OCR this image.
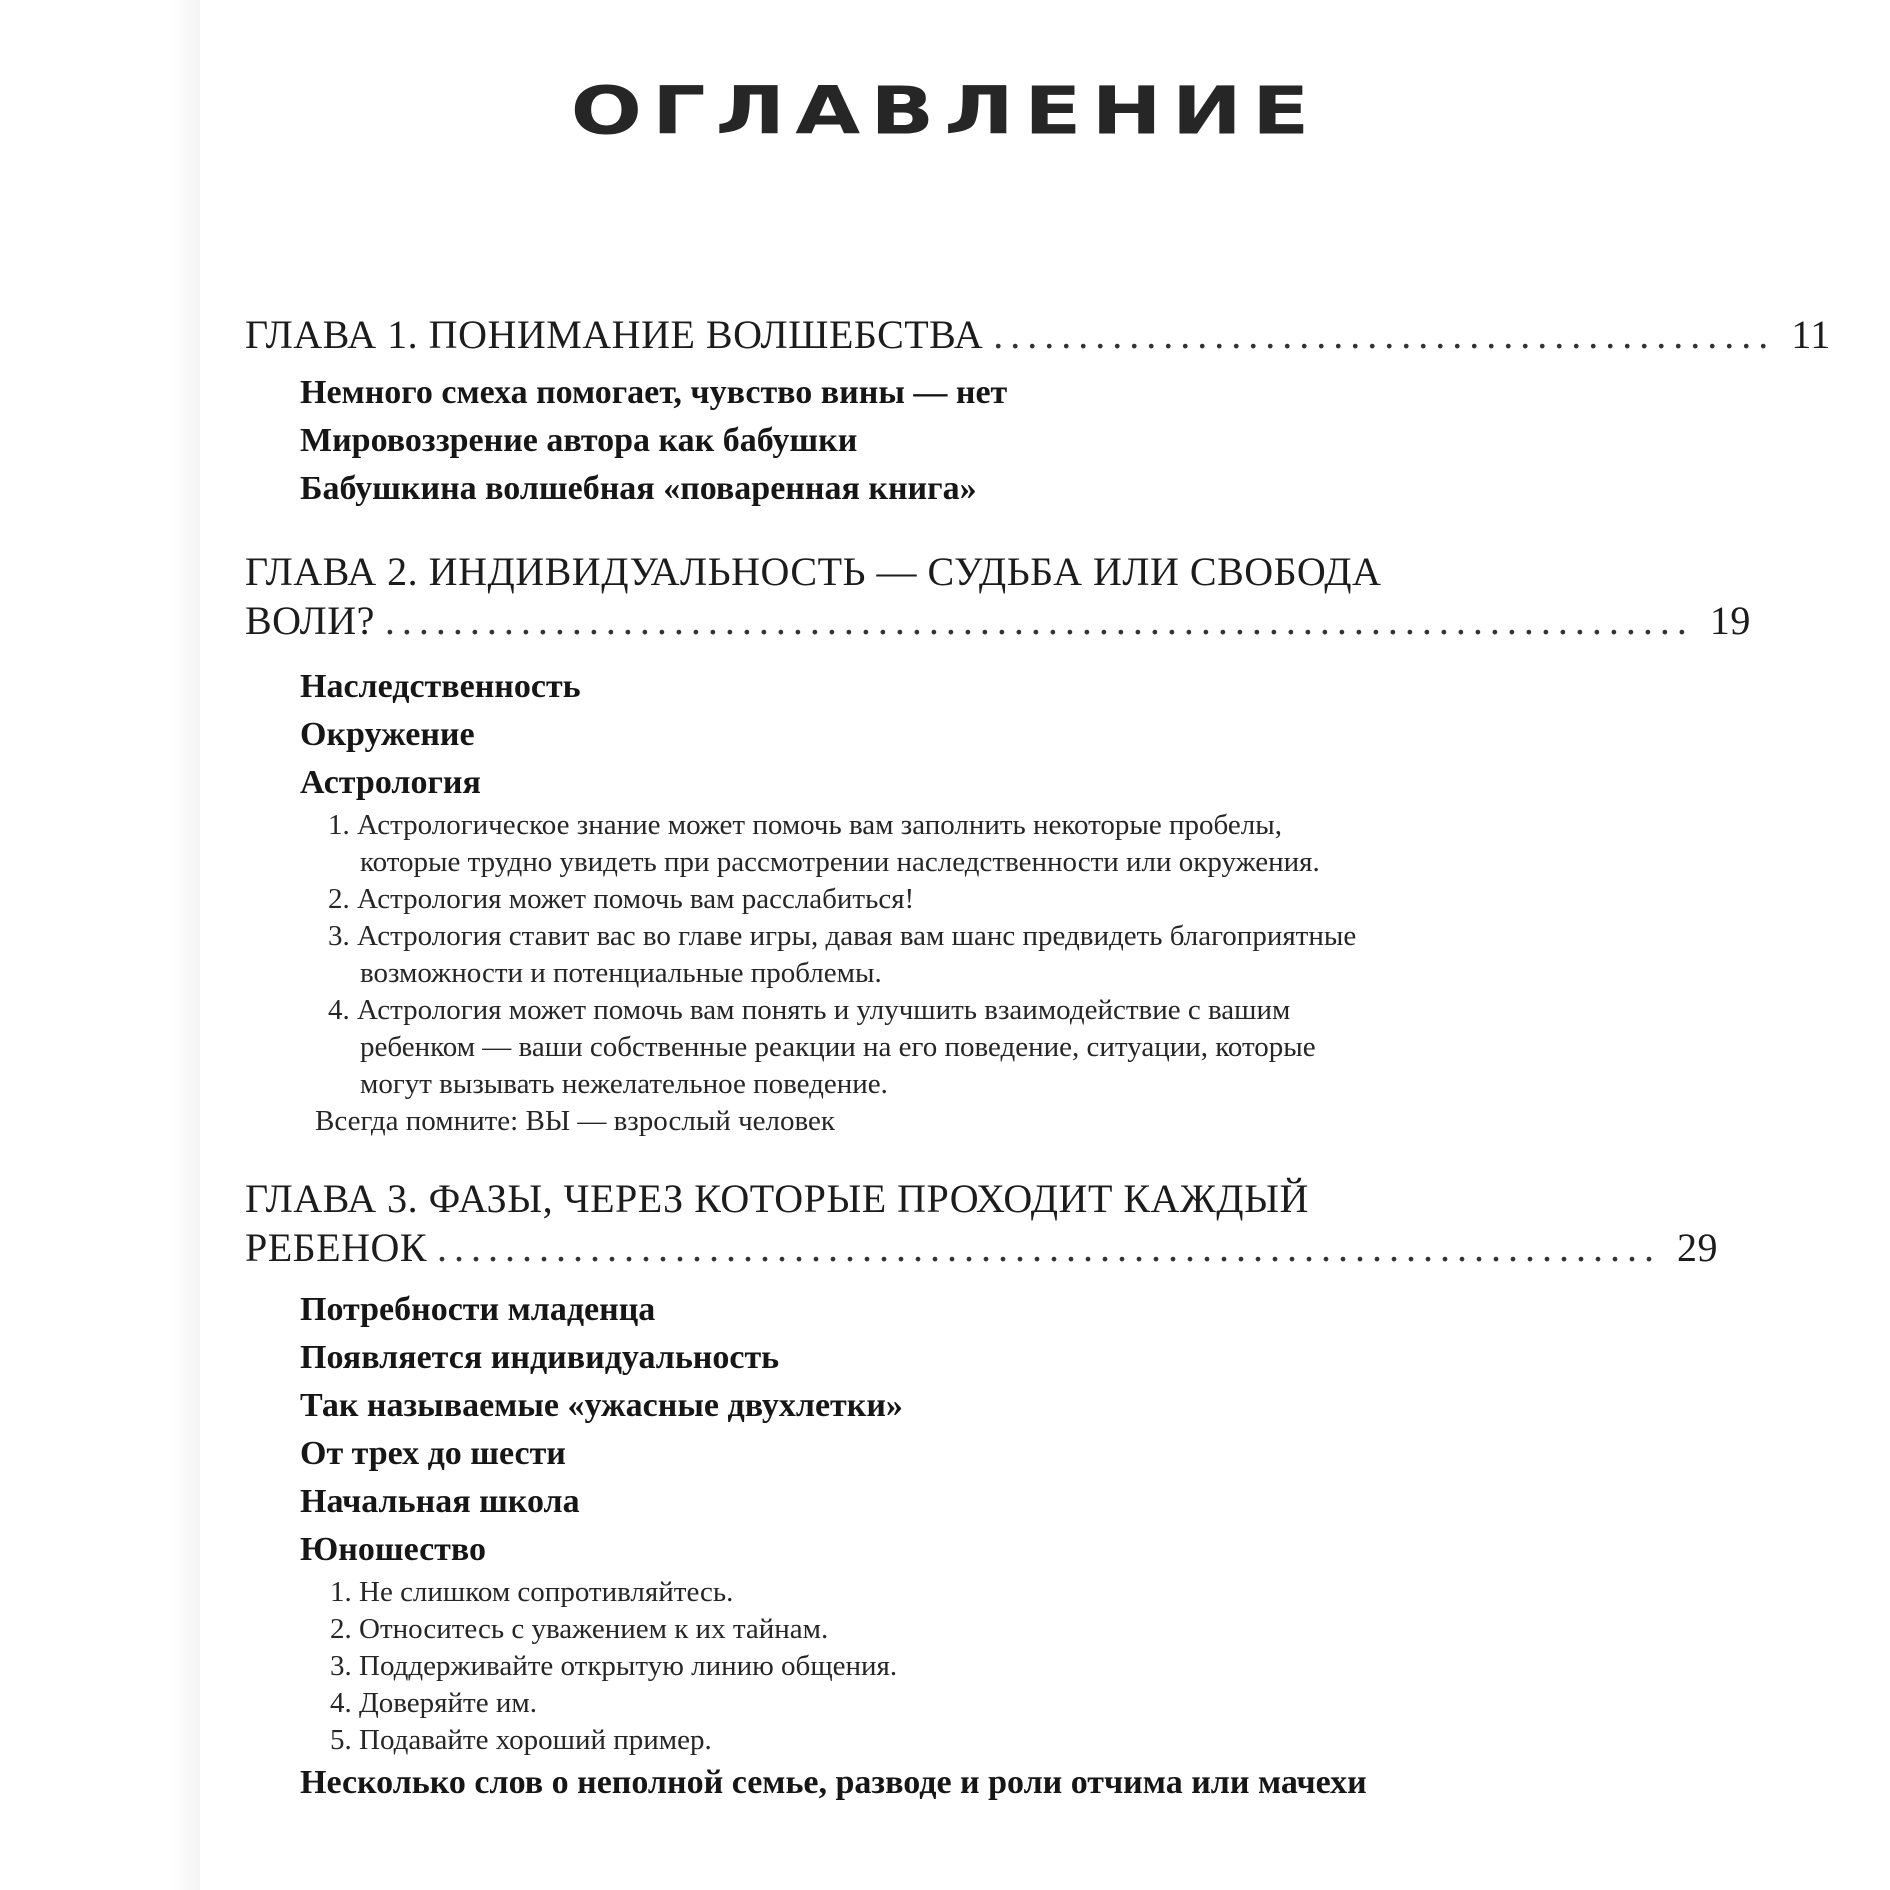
ОГЛАВЛЕНИЕ
ГЛАВА 1. ПОНИМАНИЕ ВОЛШЕБСТВА .............................................. 11
Немного смеха помогает, чувство вины — нет
Мировоззрение автора как бабушки
Бабушкина волшебная «поваренная книга»
ГЛАВА 2. ИНДИВИДУАЛЬНОСТЬ — СУДЬБА ИЛИ СВОБОДА
ВОЛИ? ............................................................................. 19
Наследственность
Окружение
Астрология
1. Астрологическое знание может помочь вам заполнить некоторые пробелы, которые трудно увидеть при рассмотрении наследственности или окружения.
2. Астрология может помочь вам расслабиться!
3. Астрология ставит вас во главе игры, давая вам шанс предвидеть благоприятные возможности и потенциальные проблемы.
4. Астрология может помочь вам понять и улучшить взаимодействие с вашим ребенком — ваши собственные реакции на его поведение, ситуации, которые могут вызывать нежелательное поведение.
Всегда помните: ВЫ — взрослый человек
ГЛАВА 3. ФАЗЫ, ЧЕРЕЗ КОТОРЫЕ ПРОХОДИТ КАЖДЫЙ
РЕБЕНОК ........................................................................ 29
Потребности младенца
Появляется индивидуальность
Так называемые «ужасные двухлетки»
От трех до шести
Начальная школа
Юношество
1. Не слишком сопротивляйтесь.
2. Относитесь с уважением к их тайнам.
3. Поддерживайте открытую линию общения.
4. Доверяйте им.
5. Подавайте хороший пример.
Несколько слов о неполной семье, разводе и роли отчима или мачехи
